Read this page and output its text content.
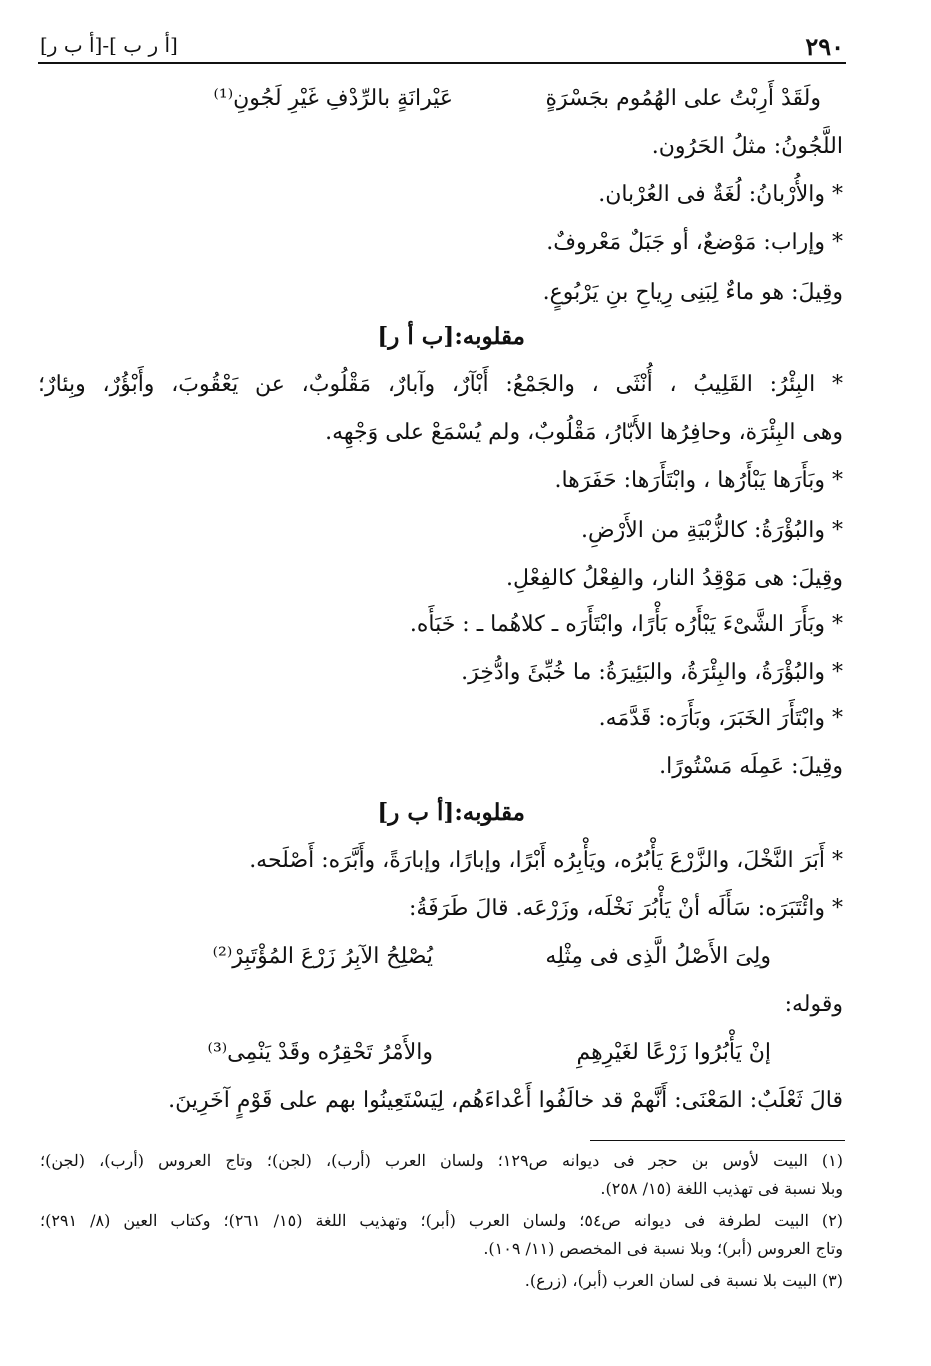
٢٩٠
[أ ر ب ]-[أ ب ر]
ولَقَدْ أَرِبْتُ على الهُمُوم بجَسْرَةٍ
عَيْرانَةٍ بالرِّدْفِ غَيْرِ لَجُونِ⁽¹⁾
اللَّجُونُ: مثلُ الحَرُون.
* والأُرْبانُ: لُغَةٌ فى العُرْبان.
* وإراب: مَوْضعٌ، أو جَبَلٌ مَعْروفٌ.
وقِيلَ: هو ماءٌ لِبَنِى رِياحِ بنِ يَرْبُوعٍ.
مقلوبه:[ب أ ر]
* البِئْرُ: القَلِيبُ ، أُنْثَى ، والجَمْعُ: أَبْآرٌ، وآبارٌ، مَقْلُوبٌ، عن يَعْقُوبَ، وأَبْؤُرٌ، وبِئارٌ؛
وهى البِئْرَة، وحافِرُها الأَبّارُ، مَقْلُوبٌ، ولم يُسْمَعْ على وَجْهِه.
* وبَأَرَها يَبْأَرُها ، وابْتَأَرَها: حَفَرَها.
* والبُؤْرَةُ: كالزُّبْيَةِ من الأَرْضِ.
وقِيلَ: هى مَوْقِدُ النار، والفِعْلُ كالفِعْلِ.
* وبَأَرَ الشَّىْءَ يَبْأَرُه بَأْرًا، وابْتَأَرَه ـ كلاهُما ـ : خَبَأَه.
* والبُؤْرَةُ، والبِئْرَةُ، والبَئِيرَةُ: ما خُبِّئَ وادُّخِرَ.
* وابْتَأَرَ الخَبَرَ، وبَأَرَه: قَدَّمَه.
وقِيلَ: عَمِلَه مَسْتُورًا.
مقلوبه:[أ ب ر]
* أَبَرَ النَّخْلَ، والزَّرْعَ يَأْبُرُه، ويَأْبِرُه أَبْرًا، وإبارًا، وإبارَةً، وأَبَّرَه: أَصْلَحه.
* وائْتَبَرَه: سَأَلَه أنْ يَأْبُرَ نَخْلَه، وزَرْعَه. قالَ طَرَفَةُ:
ولِىَ الأَصْلُ الَّذِى فى مِثْلِه
يُصْلِحُ الآبِرُ زَرْعَ المُؤْتَبِرْ⁽²⁾
وقوله:
إنْ يَأْبُرُوا زَرْعًا لغَيْرِهِمِ
والأَمْرُ تَحْقِرُه وقَدْ يَنْمِى⁽³⁾
قالَ ثَعْلَبٌ: المَعْنَى: أَنَّهمْ قد خالَفُوا أَعْداءَهُم، لِيَسْتَعِينُوا بهم على قَوْمٍ آخَرِينَ.
(١) البيت لأوس بن حجر فى ديوانه ص١٢٩؛ ولسان العرب (أرب)، (لجن)؛ وتاج العروس (أرب)، (لجن)؛
وبلا نسبة فى تهذيب اللغة (١٥/ ٢٥٨).
(٢) البيت لطرفة فى ديوانه ص٥٤؛ ولسان العرب (أبر)؛ وتهذيب اللغة (١٥/ ٢٦١)؛ وكتاب العين (٨/ ٢٩١)؛
وتاج العروس (أبر)؛ وبلا نسبة فى المخصص (١١/ ١٠٩).
(٣) البيت بلا نسبة فى لسان العرب (أبر)، (زرع).
